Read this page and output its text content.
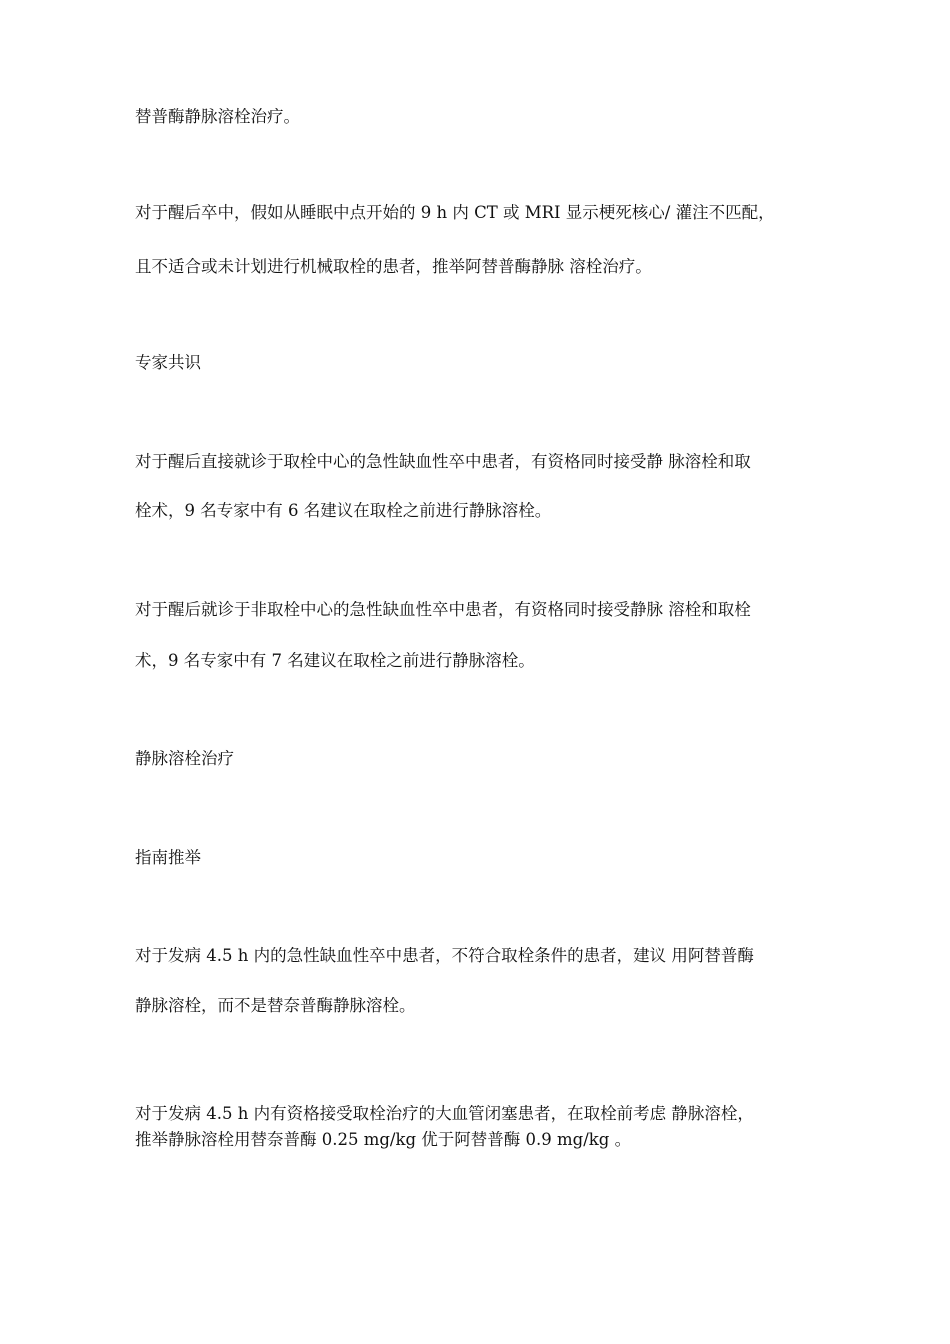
替普酶静脉溶栓治疗。

对于醒后卒中，假如从睡眠中点开始的 9 h 内 CT 或 MRI 显示梗死核心/ 灌注不匹配，

且不适合或未计划进行机械取栓的患者，推举阿替普酶静脉 溶栓治疗。

专家共识

对于醒后直接就诊于取栓中心的急性缺血性卒中患者，有资格同时接受静 脉溶栓和取

栓术，9 名专家中有 6 名建议在取栓之前进行静脉溶栓。

对于醒后就诊于非取栓中心的急性缺血性卒中患者，有资格同时接受静脉 溶栓和取栓

术，9 名专家中有 7 名建议在取栓之前进行静脉溶栓。

静脉溶栓治疗

指南推举

对于发病 4.5 h 内的急性缺血性卒中患者，不符合取栓条件的患者，建议 用阿替普酶

静脉溶栓，而不是替奈普酶静脉溶栓。

对于发病 4.5 h 内有资格接受取栓治疗的大血管闭塞患者，在取栓前考虑 静脉溶栓，

推举静脉溶栓用替奈普酶 0.25 mg/kg 优于阿替普酶 0.9 mg/kg 。
